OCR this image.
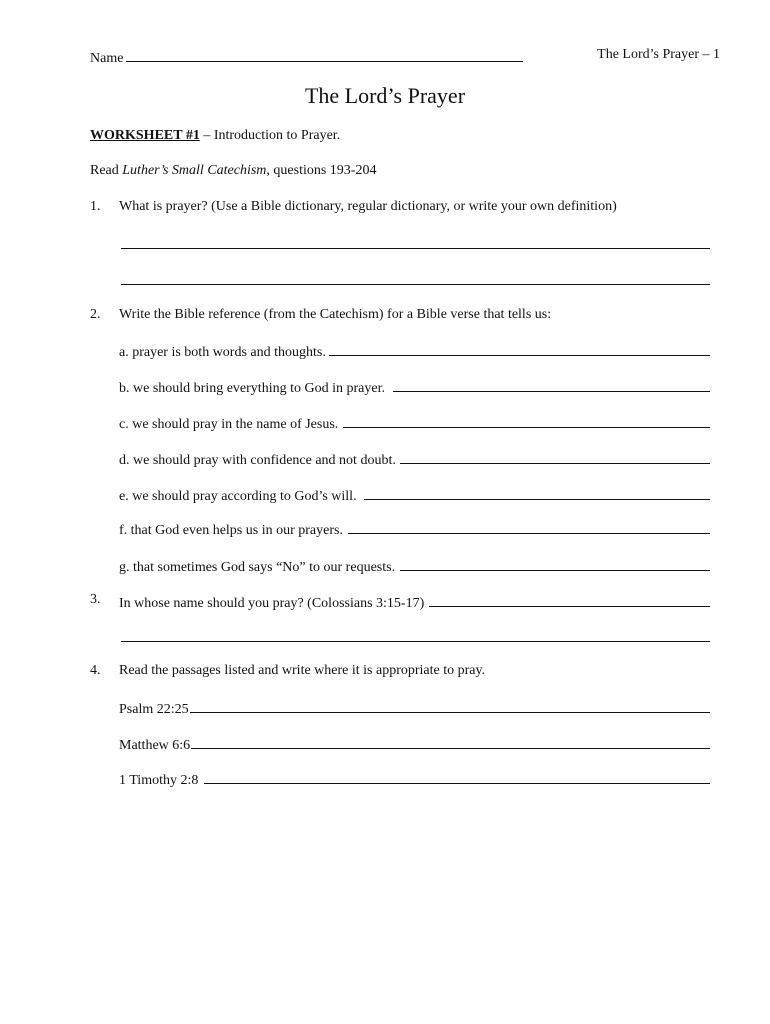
Name	The Lord’s Prayer – 1
The Lord’s Prayer
WORKSHEET #1 – Introduction to Prayer.
Read Luther’s Small Catechism, questions 193-204
1. What is prayer? (Use a Bible dictionary, regular dictionary, or write your own definition)
2. Write the Bible reference (from the Catechism) for a Bible verse that tells us:
a. prayer is both words and thoughts.
b. we should bring everything to God in prayer.
c. we should pray in the name of Jesus.
d. we should pray with confidence and not doubt.
e. we should pray according to God’s will.
f. that God even helps us in our prayers.
g. that sometimes God says “No” to our requests.
3. In whose name should you pray? (Colossians 3:15-17)
4. Read the passages listed and write where it is appropriate to pray.
Psalm 22:25
Matthew 6:6
1 Timothy 2:8
